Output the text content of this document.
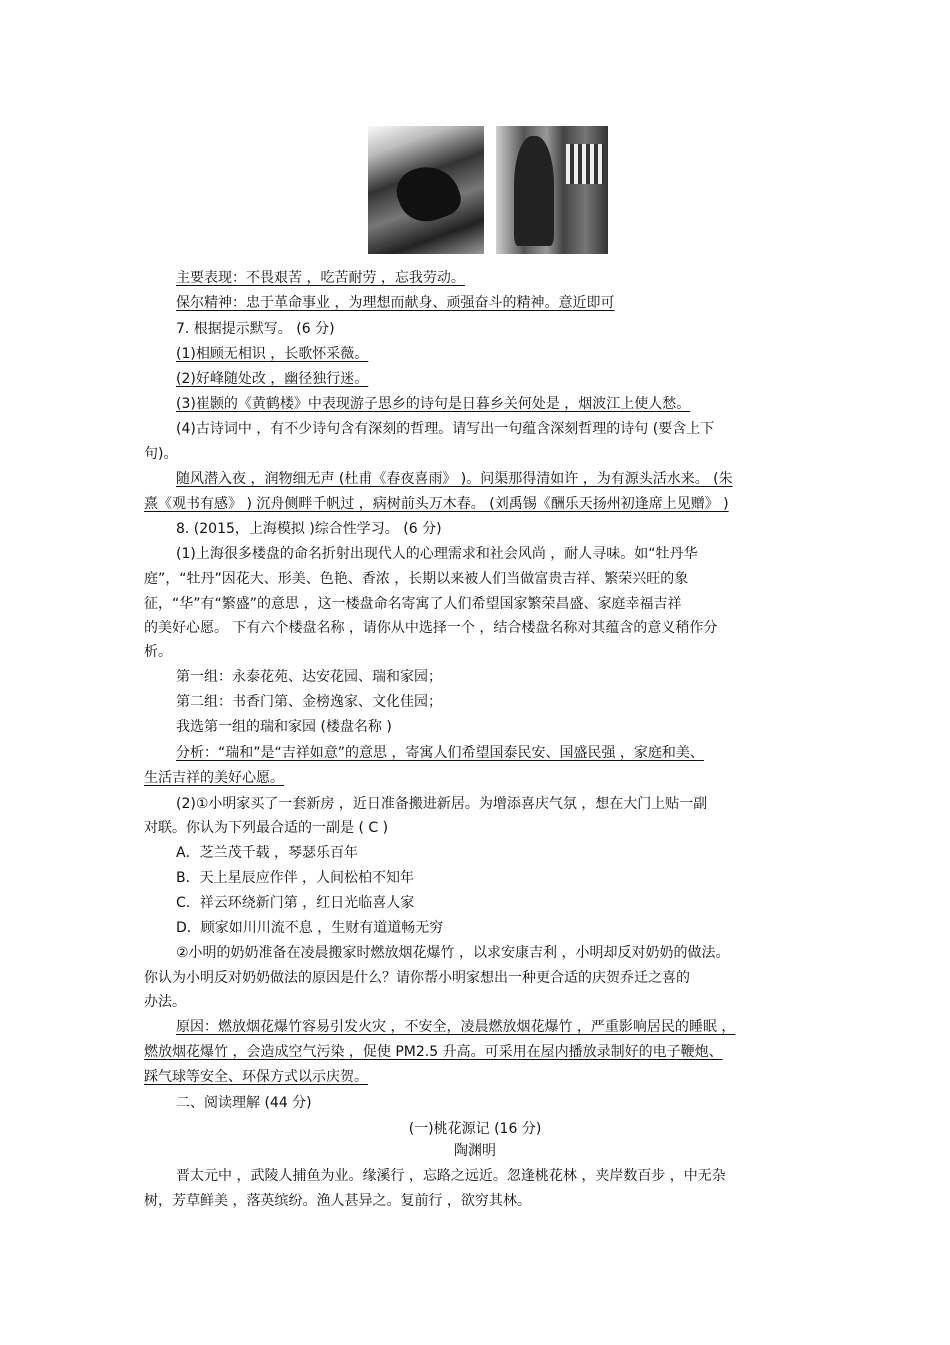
主要表现：不畏艰苦 ，吃苦耐劳 ，忘我劳动。
保尔精神：忠于革命事业 ，为理想而献身、顽强奋斗的精神。意近即可
7. 根据提示默写。 (6 分)
(1)相顾无相识 ，长歌怀采薇。
(2)好峰随处改 ，幽径独行迷。
(3)崔颢的《黄鹤楼》中表现游子思乡的诗句是日暮乡关何处是 ，烟波江上使人愁。
(4)古诗词中 ，有不少诗句含有深刻的哲理。请写出一句蕴含深刻哲理的诗句 (要含上下
句)。
随风潜入夜 ，润物细无声 (杜甫《春夜喜雨》 )。问渠那得清如许 ，为有源头活水来。 (朱
熹《观书有感》 ) 沉舟侧畔千帆过 ，病树前头万木春。 (刘禹锡《酬乐天扬州初逢席上见赠》 )
8. (2015，上海模拟 )综合性学习。 (6 分)
(1)上海很多楼盘的命名折射出现代人的心理需求和社会风尚 ，耐人寻味。如“牡丹华
庭”，“牡丹”因花大、形美、色艳、香浓 ，长期以来被人们当做富贵吉祥、繁荣兴旺的象
征，“华”有“繁盛”的意思 ，这一楼盘命名寄寓了人们希望国家繁荣昌盛、家庭幸福吉祥
的美好心愿。 下有六个楼盘名称 ，请你从中选择一个 ，结合楼盘名称对其蕴含的意义稍作分
析。
第一组：永泰花苑、达安花园、瑞和家园；
第二组：书香门第、金榜逸家、文化佳园；
我选第一组的瑞和家园 (楼盘名称 )
分析：“瑞和”是“吉祥如意”的意思 ，寄寓人们希望国泰民安、国盛民强 ，家庭和美、
生活吉祥的美好心愿。
(2)①小明家买了一套新房 ，近日准备搬进新居。为增添喜庆气氛 ，想在大门上贴一副
对联。你认为下列最合适的一副是 ( C )
A．芝兰茂千载 ，琴瑟乐百年
B．天上星辰应作伴 ，人间松柏不知年
C．祥云环绕新门第 ，红日光临喜人家
D．顾家如川川流不息 ，生财有道道畅无穷
②小明的奶奶准备在凌晨搬家时燃放烟花爆竹 ，以求安康吉利 ，小明却反对奶奶的做法。
你认为小明反对奶奶做法的原因是什么？请你帮小明家想出一种更合适的庆贺乔迁之喜的
办法。
原因：燃放烟花爆竹容易引发火灾 ，不安全，凌晨燃放烟花爆竹 ，严重影响居民的睡眠 ，
燃放烟花爆竹 ，会造成空气污染 ，促使 PM2.5 升高。可采用在屋内播放录制好的电子鞭炮、
踩气球等安全、环保方式以示庆贺。
二、阅读理解 (44 分)
(一)桃花源记 (16 分)
陶渊明
晋太元中 ，武陵人捕鱼为业。缘溪行 ，忘路之远近。忽逢桃花林 ，夹岸数百步 ，中无杂
树，芳草鲜美 ，落英缤纷。渔人甚异之。复前行 ，欲穷其林。
